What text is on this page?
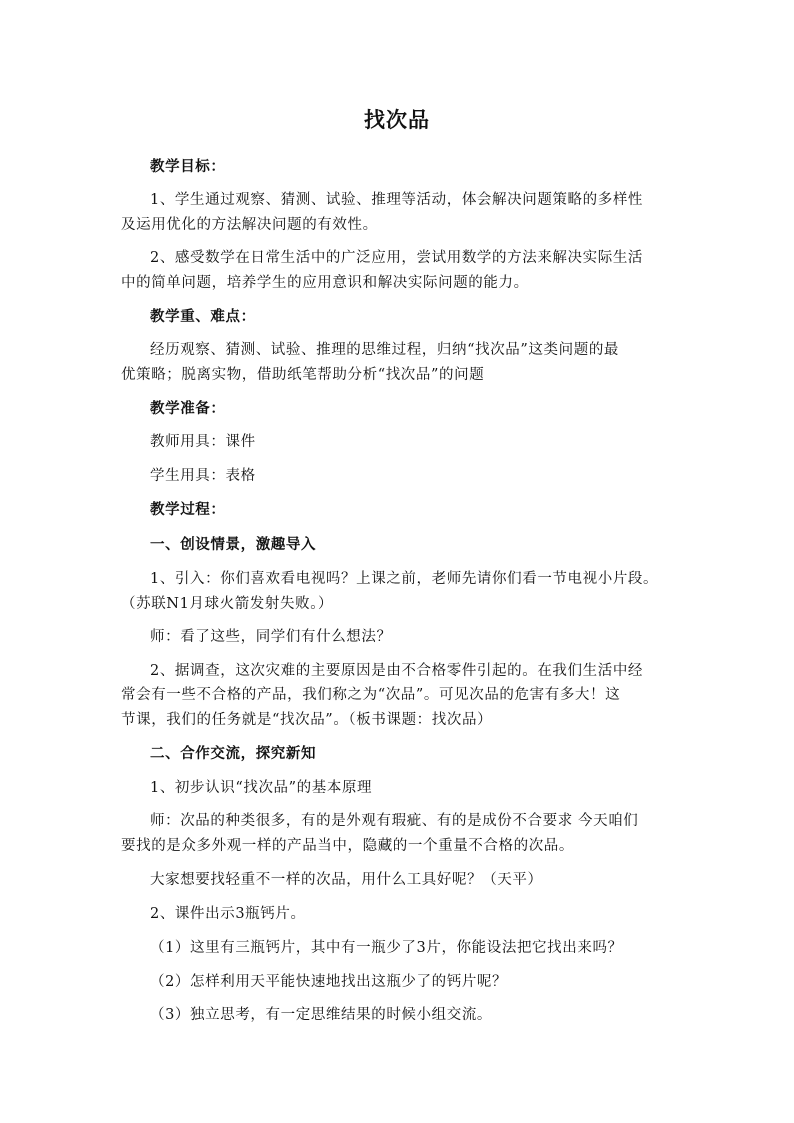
找次品
教学目标：
1、学生通过观察、猜测、试验、推理等活动，体会解决问题策略的多样性
及运用优化的方法解决问题的有效性。
2、感受数学在日常生活中的广泛应用，尝试用数学的方法来解决实际生活
中的简单问题，培养学生的应用意识和解决实际问题的能力。
教学重、难点：
经历观察、猜测、试验、推理的思维过程，归纳“找次品”这类问题的最
优策略；脱离实物，借助纸笔帮助分析“找次品”的问题
教学准备：
教师用具：课件
学生用具：表格
教学过程：
一、创设情景，激趣导入
1、引入：你们喜欢看电视吗？上课之前，老师先请你们看一节电视小片段。
（苏联N1月球火箭发射失败。）
师：看了这些，同学们有什么想法？
2、据调查，这次灾难的主要原因是由不合格零件引起的。在我们生活中经
常会有一些不合格的产品，我们称之为“次品”。可见次品的危害有多大！这
节课，我们的任务就是“找次品”。（板书课题：找次品）
二、合作交流，探究新知
1、初步认识“找次品”的基本原理
师：次品的种类很多，有的是外观有瑕疵、有的是成份不合要求 今天咱们
要找的是众多外观一样的产品当中，隐藏的一个重量不合格的次品。
大家想要找轻重不一样的次品，用什么工具好呢？（天平）
2、课件出示3瓶钙片。
（1）这里有三瓶钙片，其中有一瓶少了3片，你能设法把它找出来吗？
（2）怎样利用天平能快速地找出这瓶少了的钙片呢？
（3）独立思考，有一定思维结果的时候小组交流。
